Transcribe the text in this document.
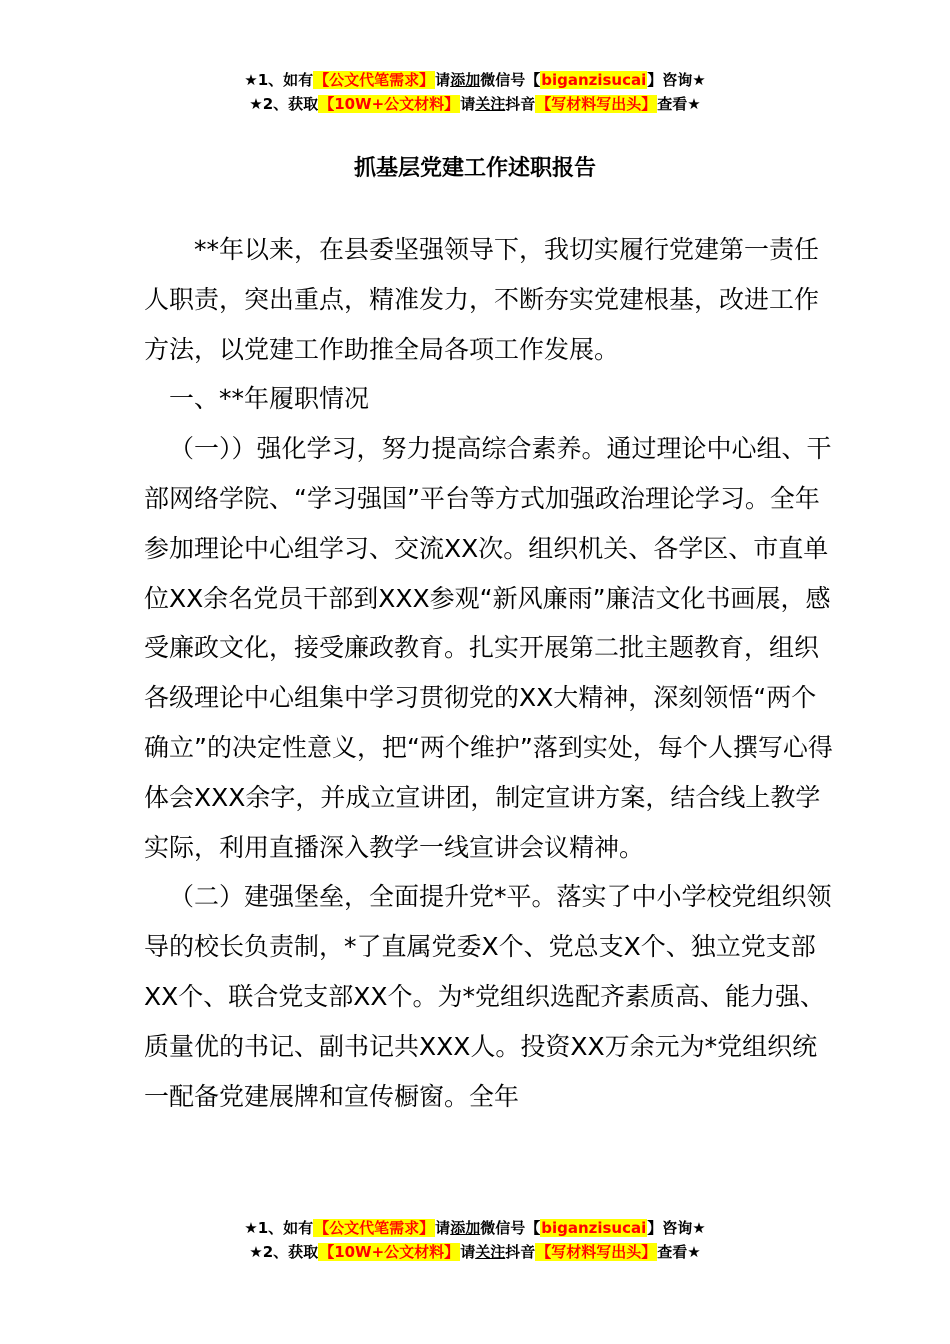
★1、如有【公文代笔需求】请添加微信号【biganzisucai】咨询★
★2、获取【10W+公文材料】请关注抖音【写材料写出头】查看★
抓基层党建工作述职报告

**年以来，在县委坚强领导下，我切实履行党建第一责任人职责，突出重点，精准发力，不断夯实党建根基，改进工作方法，以党建工作助推全局各项工作发展。

一、**年履职情况

（一））强化学习，努力提高综合素养。通过理论中心组、干部网络学院、“学习强国”平台等方式加强政治理论学习。全年参加理论中心组学习、交流XX次。组织机关、各学区、市直单位XX余名党员干部到XXX参观“新风廉雨”廉洁文化书画展，感受廉政文化，接受廉政教育。扎实开展第二批主题教育，组织各级理论中心组集中学习贯彻党的XX大精神，深刻领悟“两个确立”的决定性意义，把“两个维护”落到实处，每个人撰写心得体会XXX余字，并成立宣讲团，制定宣讲方案，结合线上教学实际，利用直播深入教学一线宣讲会议精神。

（二）建强堡垒，全面提升党*平。落实了中小学校党组织领导的校长负责制，*了直属党委X个、党总支X个、独立党支部XX个、联合党支部XX个。为*党组织选配齐素质高、能力强、质量优的书记、副书记共XXX人。投资XX万余元为*党组织统一配备党建展牌和宣传橱窗。全年

★1、如有【公文代笔需求】请添加微信号【biganzisucai】咨询★
★2、获取【10W+公文材料】请关注抖音【写材料写出头】查看★
